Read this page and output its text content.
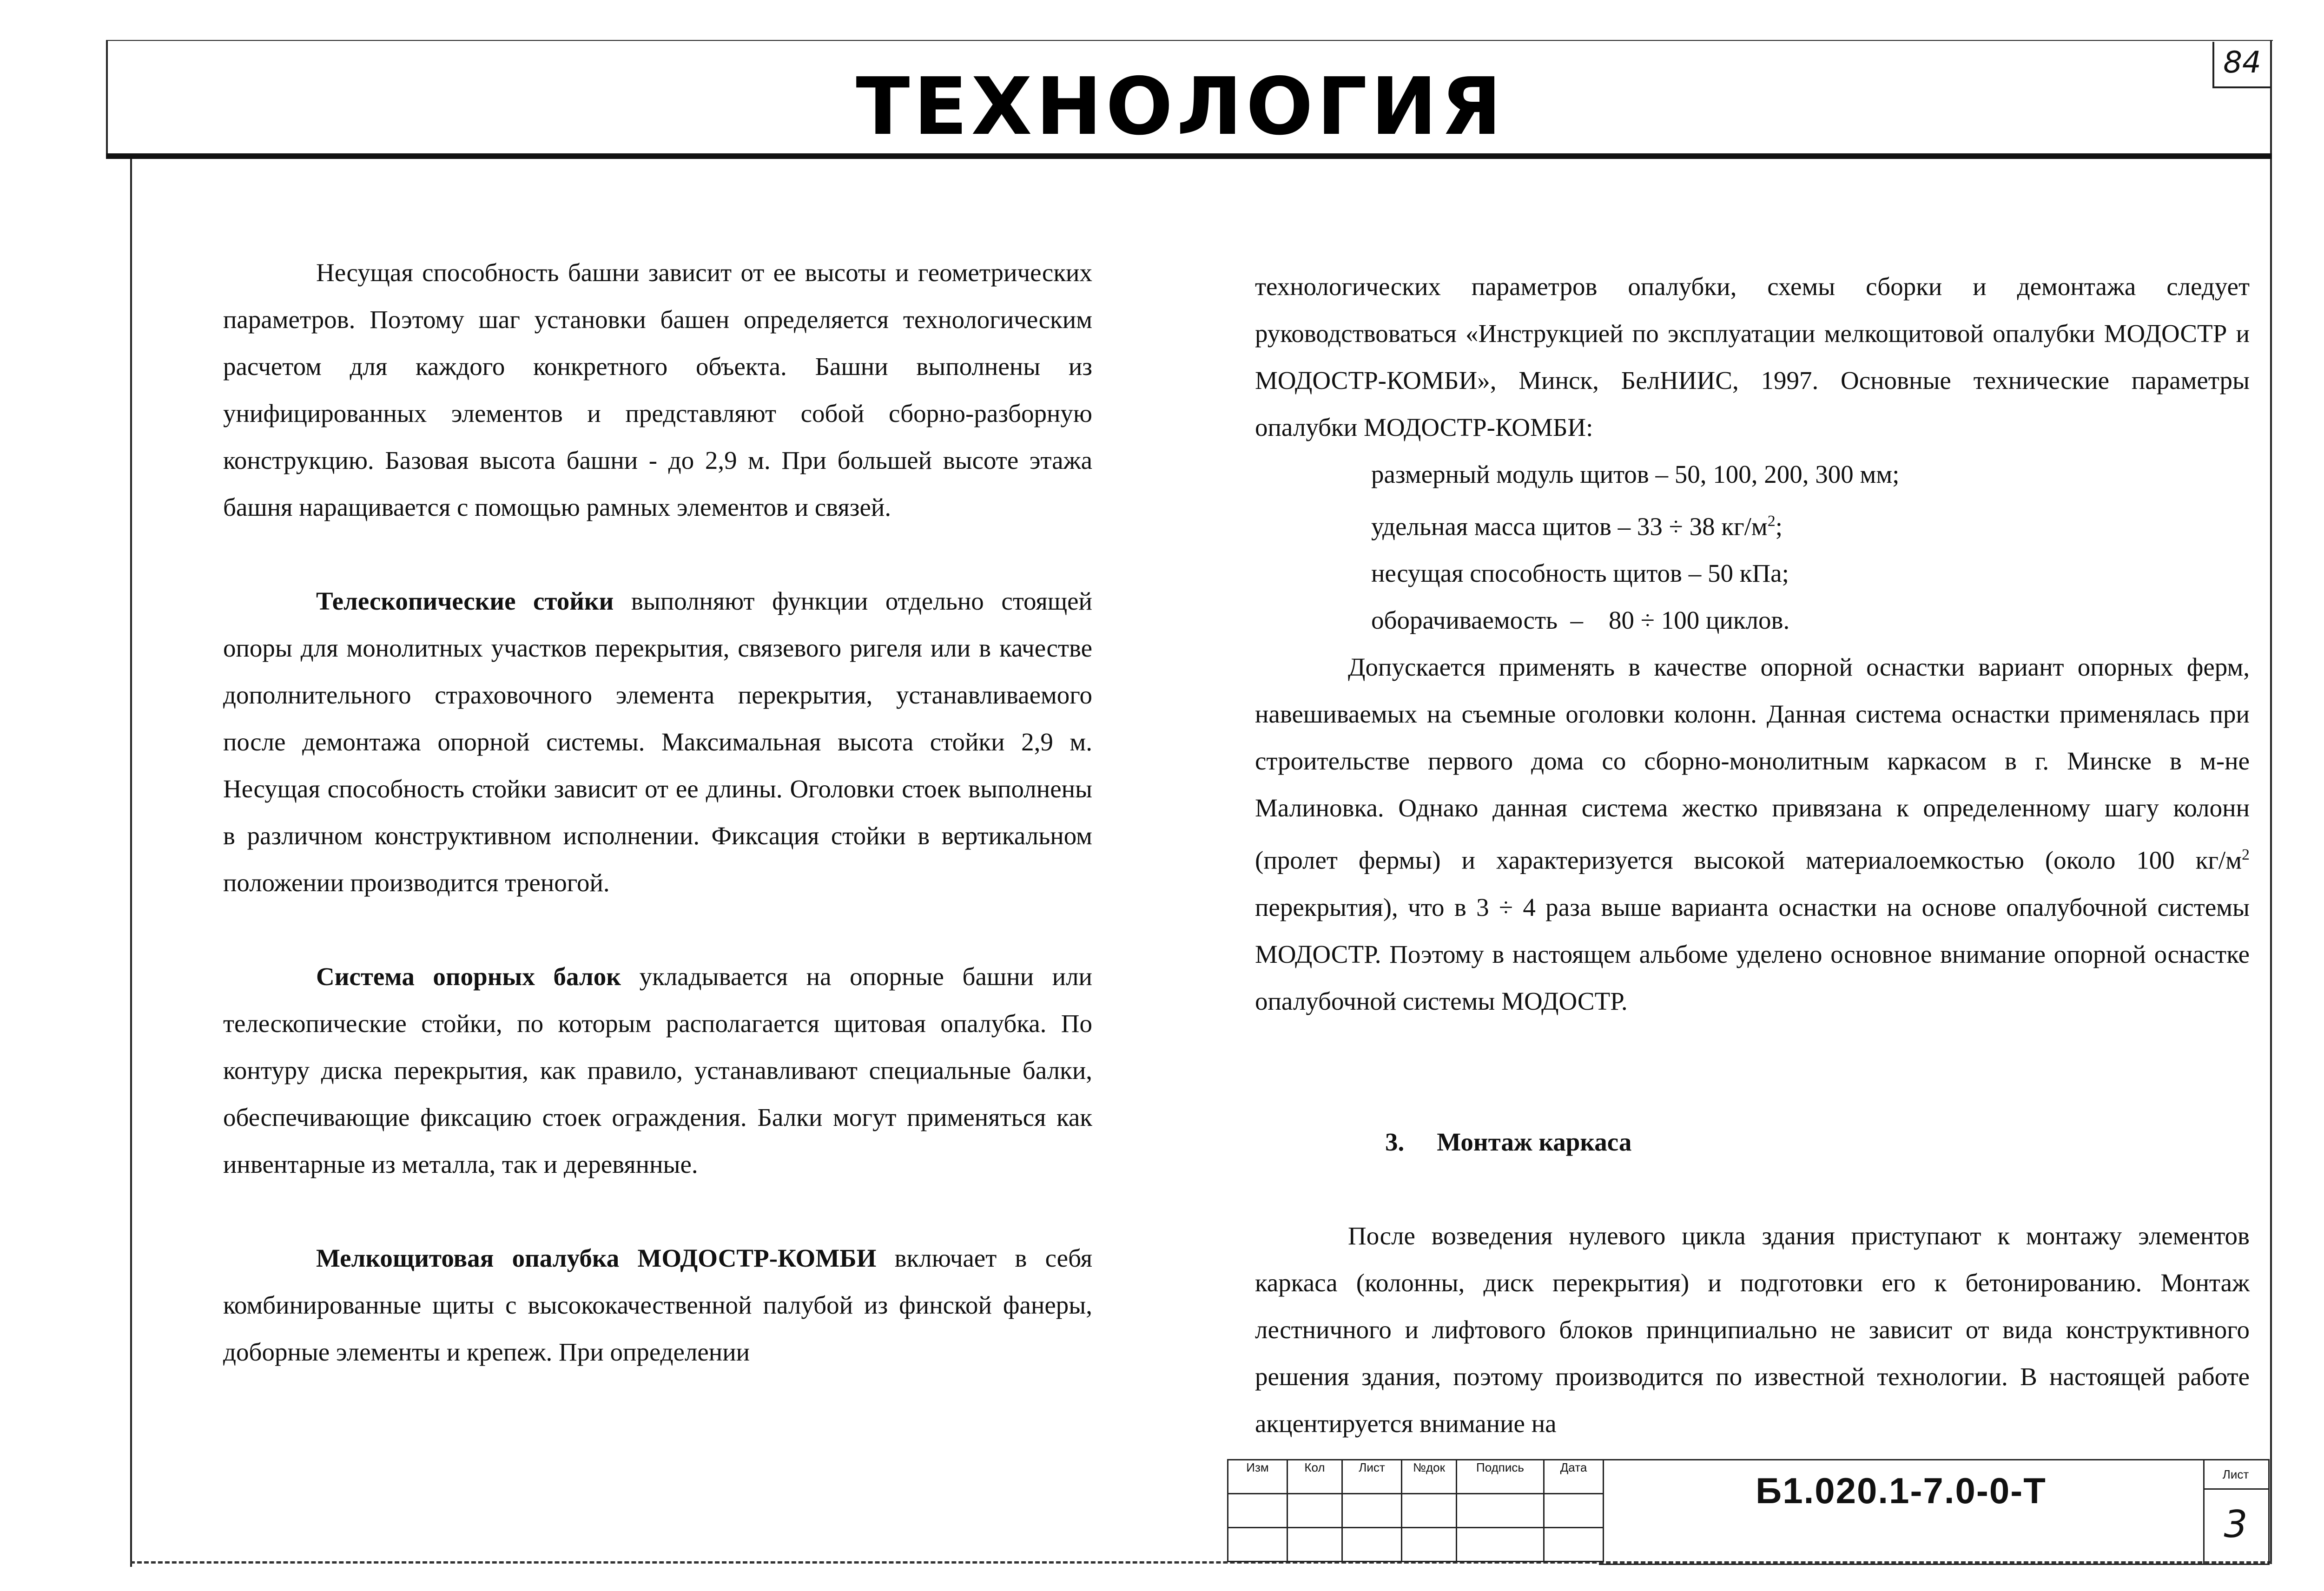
ТЕХНОЛОГИЯ	84

Несущая способность башни зависит от ее высоты и геометрических параметров. Поэтому шаг установки башен определяется технологическим расчетом для каждого конкретного объекта. Башни выполнены из унифицированных элементов и представляют собой сборно-разборную конструкцию. Базовая высота башни - до 2,9 м. При большей высоте этажа башня наращивается с помощью рамных элементов и связей.

Телескопические стойки выполняют функции отдельно стоящей опоры для монолитных участков перекрытия, связевого ригеля или в качестве дополнительного страховочного элемента перекрытия, устанавливаемого после демонтажа опорной системы. Максимальная высота стойки 2,9 м. Несущая способность стойки зависит от ее длины. Оголовки стоек выполнены в различном конструктивном исполнении. Фиксация стойки в вертикальном положении производится треногой.

Система опорных балок укладывается на опорные башни или телескопические стойки, по которым располагается щитовая опалубка. По контуру диска перекрытия, как правило, устанавливают специальные балки, обеспечивающие фиксацию стоек ограждения. Балки могут применяться как инвентарные из металла, так и деревянные.

Мелкощитовая опалубка МОДОСТР-КОМБИ включает в себя комбинированные щиты с высококачественной палубой из финской фанеры, доборные элементы и крепеж. При определении

технологических параметров опалубки, схемы сборки и демонтажа следует руководствоваться «Инструкцией по эксплуатации мелкощитовой опалубки МОДОСТР и МОДОСТР-КОМБИ», Минск, БелНИИС, 1997. Основные технические параметры опалубки МОДОСТР-КОМБИ:

размерный модуль щитов – 50, 100, 200, 300 мм;
удельная масса щитов – 33 ÷ 38 $кг/м^2$;
несущая способность щитов – 50 кПа;
оборачиваемость  –    80 ÷ 100 циклов.

Допускается применять в качестве опорной оснастки вариант опорных ферм, навешиваемых на съемные оголовки колонн. Данная система оснастки применялась при строительстве первого дома со сборно-монолитным каркасом в г. Минске в м-не Малиновка. Однако данная система жестко привязана к определенному шагу колонн (пролет фермы) и характеризуется высокой материалоемкостью (около 100 $кг/м^2$ перекрытия), что в 3 ÷ 4 раза выше варианта оснастки на основе опалубочной системы МОДОСТР. Поэтому в настоящем альбоме уделено основное внимание опорной оснастке опалубочной системы МОДОСТР.

3. Монтаж каркаса

После возведения нулевого цикла здания приступают к монтажу элементов каркаса (колонны, диск перекрытия) и подготовки его к бетонированию. Монтаж лестничного и лифтового блоков принципиально не зависит от вида конструктивного решения здания, поэтому производится по известной технологии. В настоящей работе акцентируется внимание на

Изм	Кол	Лист	№док	Подпись	Дата

Б1.020.1-7.0-0-Т	Лист
3
